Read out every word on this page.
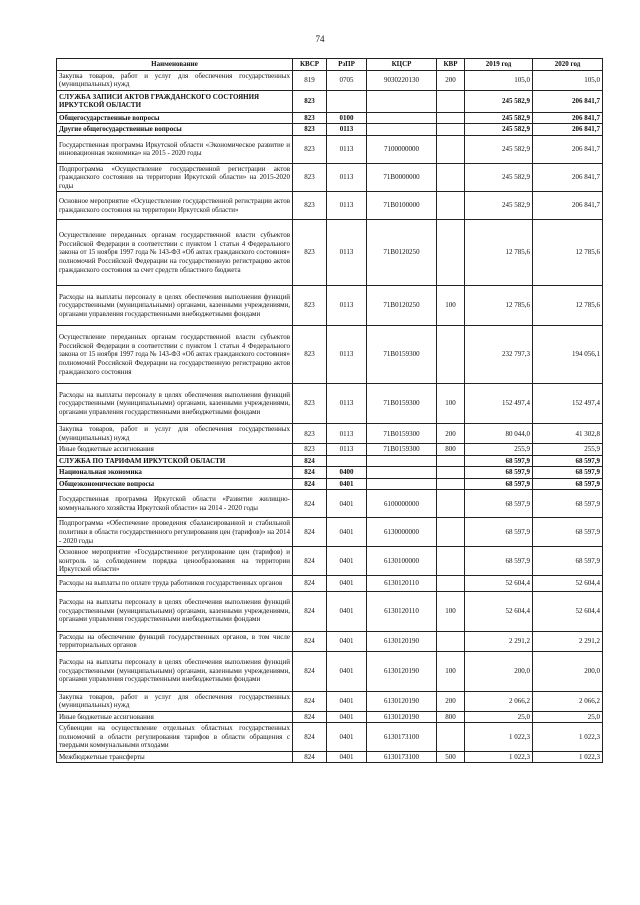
74
Наименование	КВСР	РзПР	КЦСР	КВР	2019 год	2020 год
Закупка товаров, работ и услуг для обеспечения государственных (муниципальных) нужд	819	0705	9030220130	200	105,0	105,0
СЛУЖБА ЗАПИСИ АКТОВ ГРАЖДАНСКОГО СОСТОЯНИЯ ИРКУТСКОЙ ОБЛАСТИ	823				245 582,9	206 841,7
Общегосударственные вопросы	823	0100			245 582,9	206 841,7
Другие общегосударственные вопросы	823	0113			245 582,9	206 841,7
Государственная программа Иркутской области «Экономическое развитие и инновационная экономика» на 2015 - 2020 годы	823	0113	7100000000		245 582,9	206 841,7
Подпрограмма «Осуществление государственной регистрации актов гражданского состояния на территории Иркутской области» на 2015-2020 годы	823	0113	71В0000000		245 582,9	206 841,7
Основное мероприятие «Осуществление государственной регистрации актов гражданского состояния на территории Иркутской области»	823	0113	71В0100000		245 582,9	206 841,7
Осуществление переданных органам государственной власти субъектов Российской Федерации в соответствии с пунктом 1 статьи 4 Федерального закона от 15 ноября 1997 года № 143-ФЗ «Об актах гражданского состояния» полномочий Российской Федерации на государственную регистрацию актов гражданского состояния за счет средств областного бюджета	823	0113	71В0120250		12 785,6	12 785,6
Расходы на выплаты персоналу в целях обеспечения выполнения функций государственными (муниципальными) органами, казенными учреждениями, органами управления государственными внебюджетными фондами	823	0113	71В0120250	100	12 785,6	12 785,6
Осуществление переданных органам государственной власти субъектов Российской Федерации в соответствии с пунктом 1 статьи 4 Федерального закона от 15 ноября 1997 года № 143-ФЗ «Об актах гражданского состояния» полномочий Российской Федерации на государственную регистрацию актов гражданского состояния	823	0113	71В0159300		232 797,3	194 056,1
Расходы на выплаты персоналу в целях обеспечения выполнения функций государственными (муниципальными) органами, казенными учреждениями, органами управления государственными внебюджетными фондами	823	0113	71В0159300	100	152 497,4	152 497,4
Закупка товаров, работ и услуг для обеспечения государственных (муниципальных) нужд	823	0113	71В0159300	200	80 044,0	41 302,8
Иные бюджетные ассигнования	823	0113	71В0159300	800	255,9	255,9
СЛУЖБА ПО ТАРИФАМ ИРКУТСКОЙ ОБЛАСТИ	824				68 597,9	68 597,9
Национальная экономика	824	0400			68 597,9	68 597,9
Общеэкономические вопросы	824	0401			68 597,9	68 597,9
Государственная программа Иркутской области «Развитие жилищно-коммунального хозяйства Иркутской области» на 2014 - 2020 годы	824	0401	6100000000		68 597,9	68 597,9
Подпрограмма «Обеспечение проведения сбалансированной и стабильной политики в области государственного регулирования цен (тарифов)» на 2014 - 2020 годы	824	0401	6130000000		68 597,9	68 597,9
Основное мероприятие «Государственное регулирование цен (тарифов) и контроль за соблюдением порядка ценообразования на территории Иркутской области»	824	0401	6130100000		68 597,9	68 597,9
Расходы на выплаты по оплате труда работников государственных органов	824	0401	6130120110		52 604,4	52 604,4
Расходы на выплаты персоналу в целях обеспечения выполнения функций государственными (муниципальными) органами, казенными учреждениями, органами управления государственными внебюджетными фондами	824	0401	6130120110	100	52 604,4	52 604,4
Расходы на обеспечение функций государственных органов, в том числе территориальных органов	824	0401	6130120190		2 291,2	2 291,2
Расходы на выплаты персоналу в целях обеспечения выполнения функций государственными (муниципальными) органами, казенными учреждениями, органами управления государственными внебюджетными фондами	824	0401	6130120190	100	200,0	200,0
Закупка товаров, работ и услуг для обеспечения государственных (муниципальных) нужд	824	0401	6130120190	200	2 066,2	2 066,2
Иные бюджетные ассигнования	824	0401	6130120190	800	25,0	25,0
Субвенции на осуществление отдельных областных государственных полномочий в области регулирования тарифов в области обращения с твердыми коммунальными отходами	824	0401	6130173100		1 022,3	1 022,3
Межбюджетные трансферты	824	0401	6130173100	500	1 022,3	1 022,3
